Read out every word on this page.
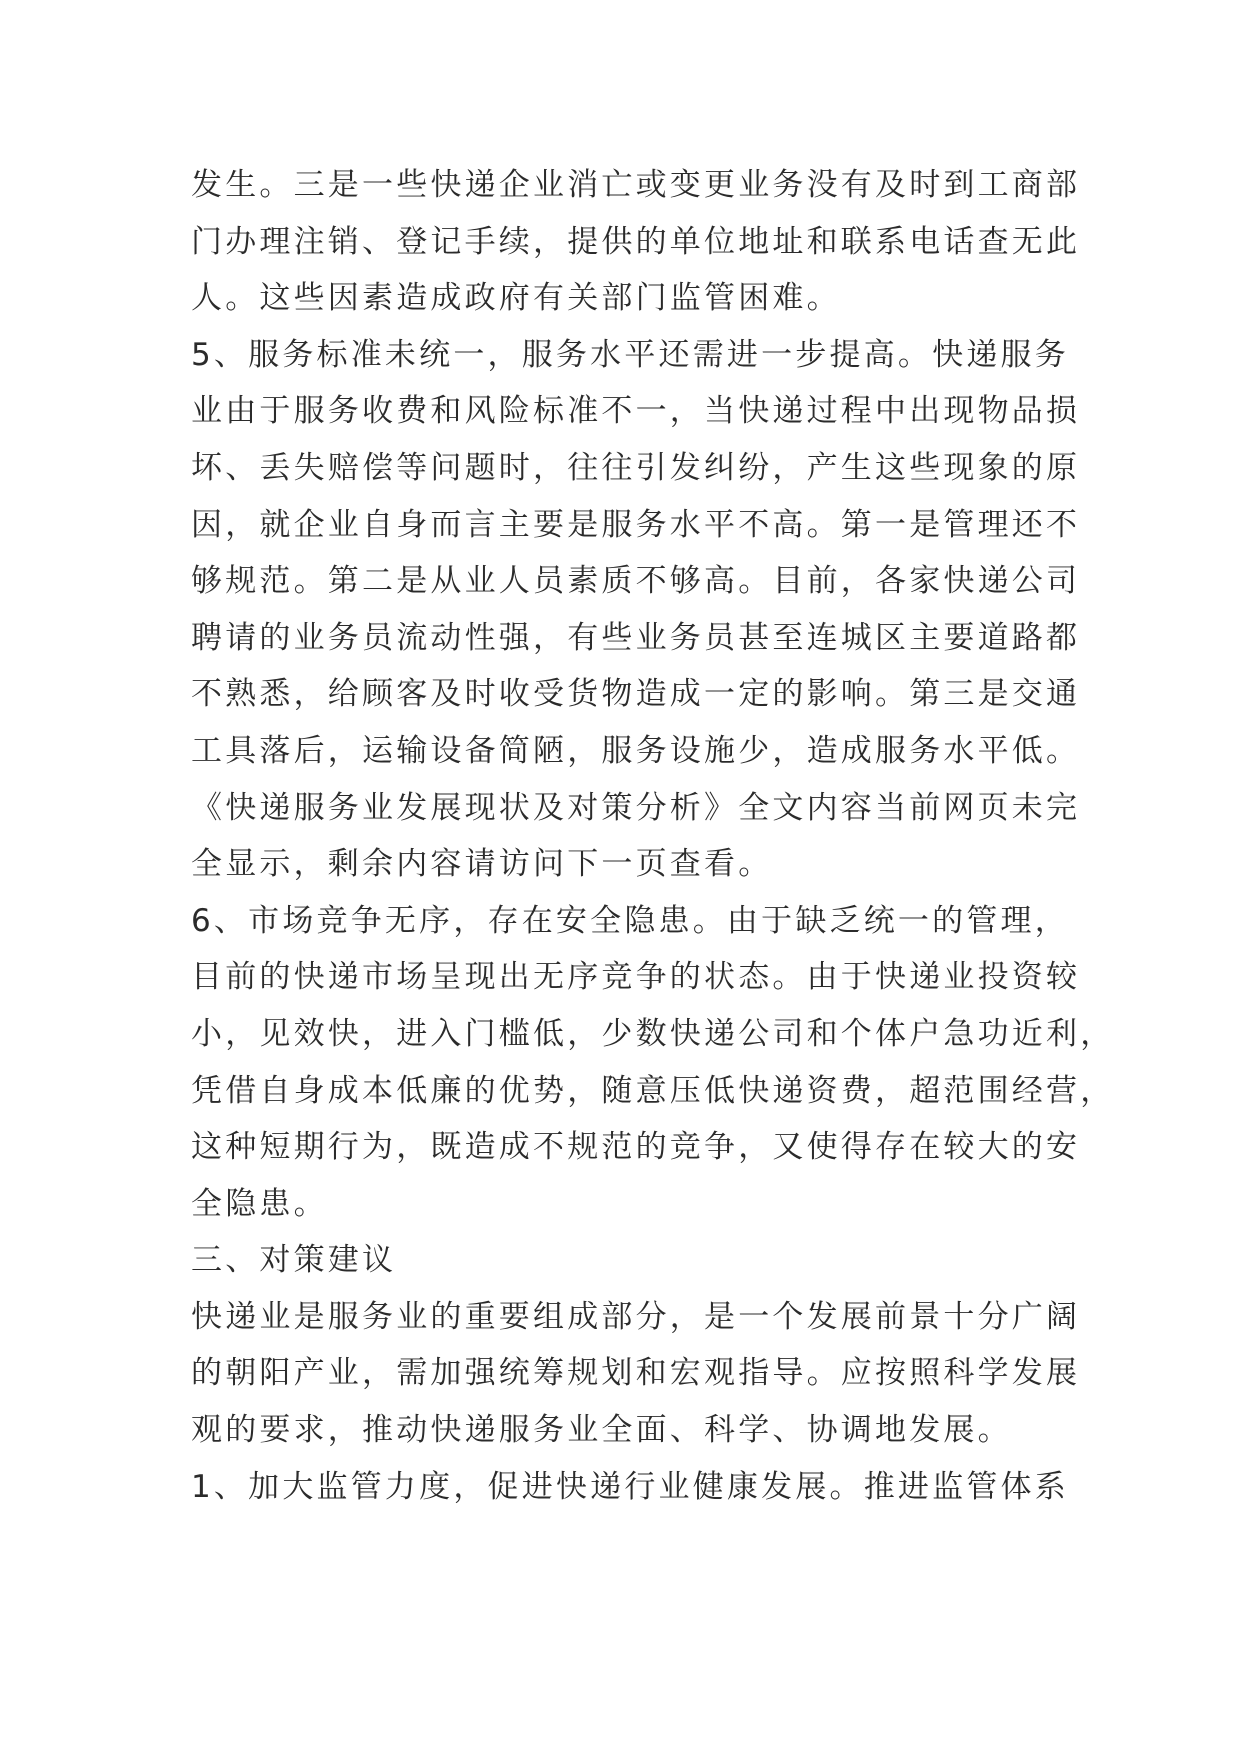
发生。三是一些快递企业消亡或变更业务没有及时到工商部
门办理注销、登记手续，提供的单位地址和联系电话查无此
人。这些因素造成政府有关部门监管困难。
5、服务标准未统一，服务水平还需进一步提高。快递服务
业由于服务收费和风险标准不一，当快递过程中出现物品损
坏、丢失赔偿等问题时，往往引发纠纷，产生这些现象的原
因，就企业自身而言主要是服务水平不高。第一是管理还不
够规范。第二是从业人员素质不够高。目前，各家快递公司
聘请的业务员流动性强，有些业务员甚至连城区主要道路都
不熟悉，给顾客及时收受货物造成一定的影响。第三是交通
工具落后，运输设备简陋，服务设施少，造成服务水平低。
《快递服务业发展现状及对策分析》全文内容当前网页未完
全显示，剩余内容请访问下一页查看。
6、市场竞争无序，存在安全隐患。由于缺乏统一的管理，
目前的快递市场呈现出无序竞争的状态。由于快递业投资较
小，见效快，进入门槛低，少数快递公司和个体户急功近利，
凭借自身成本低廉的优势，随意压低快递资费，超范围经营，
这种短期行为，既造成不规范的竞争，又使得存在较大的安
全隐患。
三、对策建议
快递业是服务业的重要组成部分，是一个发展前景十分广阔
的朝阳产业，需加强统筹规划和宏观指导。应按照科学发展
观的要求，推动快递服务业全面、科学、协调地发展。
1、加大监管力度，促进快递行业健康发展。推进监管体系
